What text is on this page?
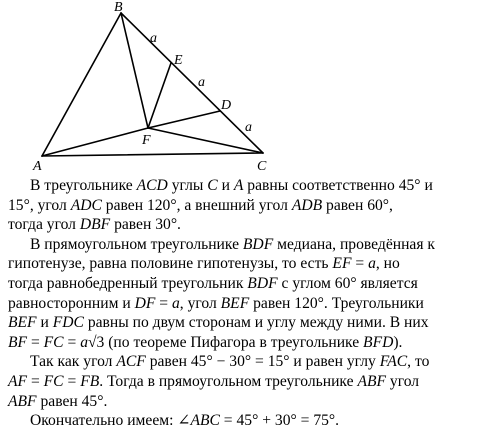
B
E
D
F
A	C
a
a
a

В треугольнике ACD углы C и A равны соответственно 45° и
15°, угол ADC равен 120°, а внешний угол ADB равен 60°,
тогда угол DBF равен 30°.

В прямоугольном треугольнике BDF медиана, проведённая к
гипотенузе, равна половине гипотенузы, то есть EF = a, но
тогда равнобедренный треугольник BDF с углом 60° является
равносторонним и DF = a, угол BEF равен 120°. Треугольники
BEF и FDC равны по двум сторонам и углу между ними. В них
BF = FC = a√3 (по теореме Пифагора в треугольнике BFD).

Так как угол ACF равен 45° − 30° = 15° и равен углу FAC, то
AF = FC = FB. Тогда в прямоугольном треугольнике ABF угол
ABF равен 45°.

Окончательно имеем: ∠ABC = 45° + 30° = 75°.
